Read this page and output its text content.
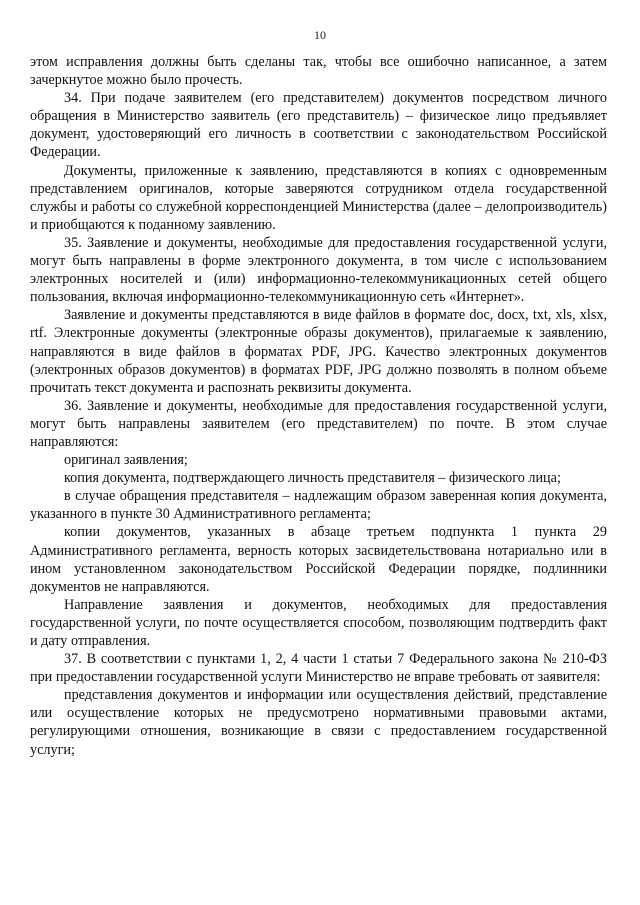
10

этом исправления должны быть сделаны так, чтобы все ошибочно написанное, а затем зачеркнутое можно было прочесть.

34. При подаче заявителем (его представителем) документов посредством личного обращения в Министерство заявитель (его представитель) – физическое лицо предъявляет документ, удостоверяющий его личность в соответствии с законодательством Российской Федерации.

Документы, приложенные к заявлению, представляются в копиях с одновременным представлением оригиналов, которые заверяются сотрудником отдела государственной службы и работы со служебной корреспонденцией Министерства (далее – делопроизводитель) и приобщаются к поданному заявлению.

35. Заявление и документы, необходимые для предоставления государственной услуги, могут быть направлены в форме электронного документа, в том числе с использованием электронных носителей и (или) информационно-телекоммуникационных сетей общего пользования, включая информационно-телекоммуникационную сеть «Интернет».

Заявление и документы представляются в виде файлов в формате doc, docx, txt, xls, xlsx, rtf. Электронные документы (электронные образы документов), прилагаемые к заявлению, направляются в виде файлов в форматах PDF, JPG. Качество электронных документов (электронных образов документов) в форматах PDF, JPG должно позволять в полном объеме прочитать текст документа и распознать реквизиты документа.

36. Заявление и документы, необходимые для предоставления государственной услуги, могут быть направлены заявителем (его представителем) по почте. В этом случае направляются:

оригинал заявления;

копия документа, подтверждающего личность представителя – физического лица;

в случае обращения представителя – надлежащим образом заверенная копия документа, указанного в пункте 30 Административного регламента;

копии документов, указанных в абзаце третьем подпункта 1 пункта 29 Административного регламента, верность которых засвидетельствована нотариально или в ином установленном законодательством Российской Федерации порядке, подлинники документов не направляются.

Направление заявления и документов, необходимых для предоставления государственной услуги, по почте осуществляется способом, позволяющим подтвердить факт и дату отправления.

37. В соответствии с пунктами 1, 2, 4 части 1 статьи 7 Федерального закона № 210-ФЗ при предоставлении государственной услуги Министерство не вправе требовать от заявителя:

представления документов и информации или осуществления действий, представление или осуществление которых не предусмотрено нормативными правовыми актами, регулирующими отношения, возникающие в связи с предоставлением государственной услуги;
